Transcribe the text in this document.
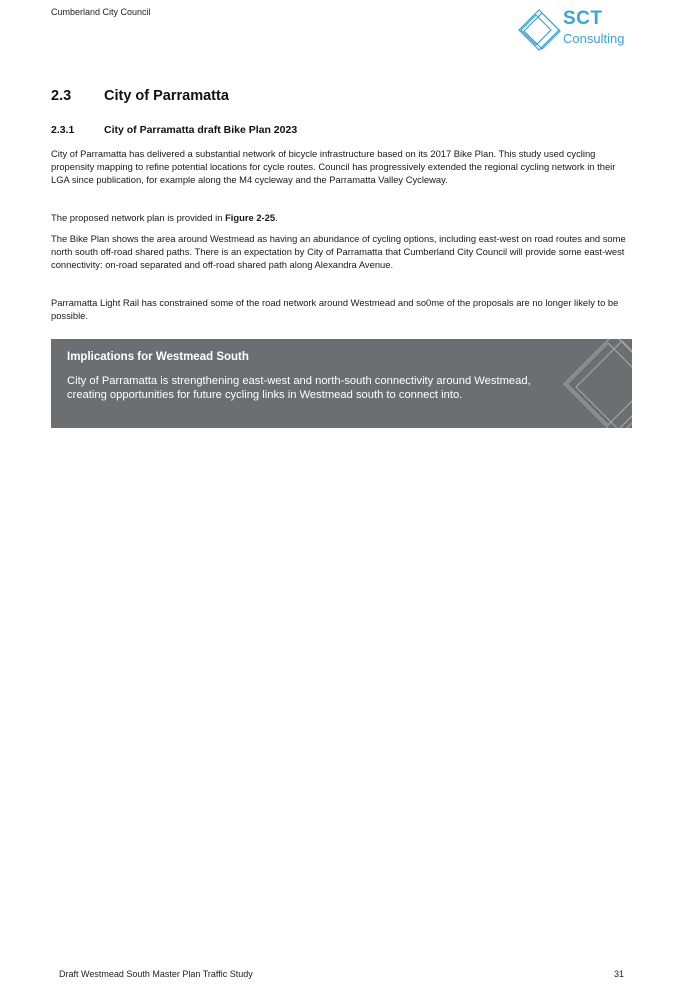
Cumberland City Council	SCT
Consulting
2.3 City of Parramatta
2.3.1	City of Parramatta draft Bike Plan 2023
City of Parramatta has delivered a substantial network of bicycle infrastructure based on its 2017 Bike Plan. This study used cycling propensity mapping to refine potential locations for cycle routes. Council has progressively extended the regional cycling network in their LGA since publication, for example along the M4 cycleway and the Parramatta Valley Cycleway.
The proposed network plan is provided in Figure 2-25.
The Bike Plan shows the area around Westmead as having an abundance of cycling options, including east-west on road routes and some north south off-road shared paths. There is an expectation by City of Parramatta that Cumberland City Council will provide some east-west connectivity: on-road separated and off-road shared path along Alexandra Avenue.
Parramatta Light Rail has constrained some of the road network around Westmead and so0me of the proposals are no longer likely to be possible.
Implications for Westmead South
City of Parramatta is strengthening east-west and north-south connectivity around Westmead, creating opportunities for future cycling links in Westmead south to connect into.
Draft Westmead South Master Plan Traffic Study	31
